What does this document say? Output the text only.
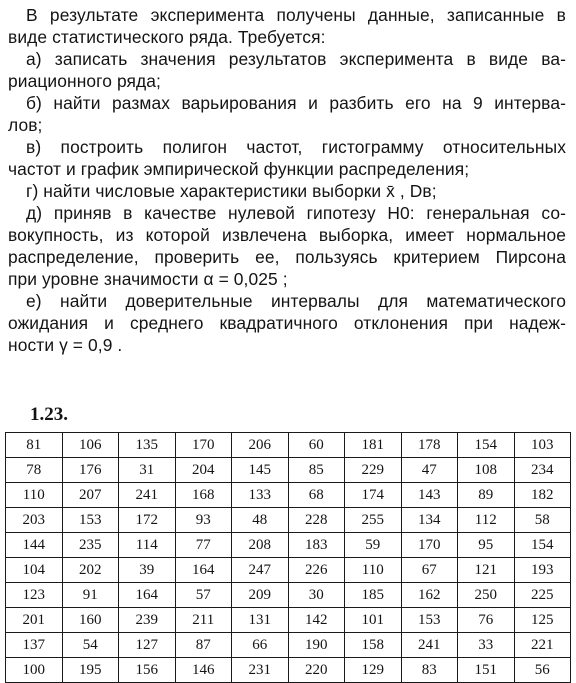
В результате эксперимента получены данные, записанные в виде статистического ряда. Требуется:

а) записать значения результатов эксперимента в виде ва-
риационного ряда;

б) найти размах варьирования и разбить его на 9 интерва-
лов;

в) построить полигон частот, гистограмму относительных
частот и график эмпирической функции распределения;

г) найти числовые характеристики выборки x̄ , Dв;

д) приняв в качестве нулевой гипотезу H0: генеральная со-
вокупность, из которой извлечена выборка, имеет нормальное
распределение, проверить ее, пользуясь критерием Пирсона
при уровне значимости α = 0,025 ;

е) найти доверительные интервалы для математического
ожидания и среднего квадратичного отклонения при надеж-
ности γ = 0,9 .

1.23.
81	106	135	170	206	60	181	178	154	103
78	176	31	204	145	85	229	47	108	234
110	207	241	168	133	68	174	143	89	182
203	153	172	93	48	228	255	134	112	58
144	235	114	77	208	183	59	170	95	154
104	202	39	164	247	226	110	67	121	193
123	91	164	57	209	30	185	162	250	225
201	160	239	211	131	142	101	153	76	125
137	54	127	87	66	190	158	241	33	221
100	195	156	146	231	220	129	83	151	56
